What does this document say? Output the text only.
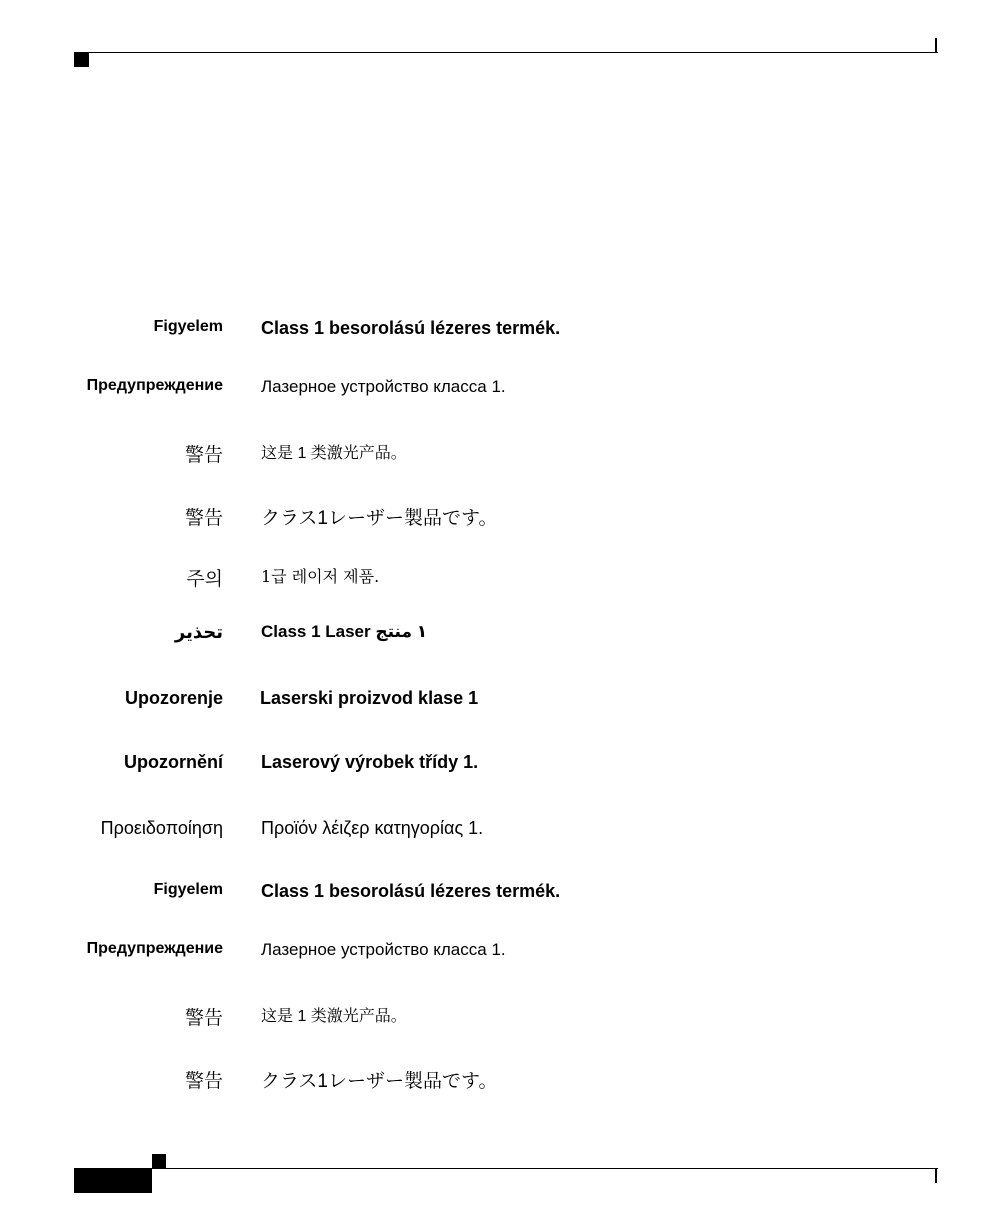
Figyelem Class 1 besorolású lézeres termék.
Предупреждение Лазерное устройство класса 1.
警告 这是 1 类激光产品。
警告 クラス1レーザー製品です。
주의 1급 레이저 제품.
تحذير Class 1 Laser ١ منتج
Upozorenje Laserski proizvod klase 1
Upozornění Laserový výrobek třídy 1.
Προειδοποίηση Προϊόν λέιζερ κατηγορίας 1.
Figyelem Class 1 besorolású lézeres termék.
Предупреждение Лазерное устройство класса 1.
警告 这是 1 类激光产品。
警告 クラス1レーザー製品です。
